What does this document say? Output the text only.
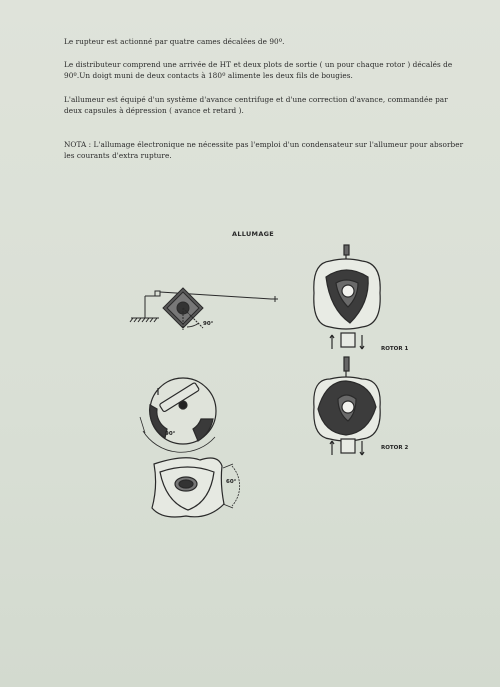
Le rupteur est actionné par quatre cames décalées de 90º.

Le distributeur comprend une arrivée de HT et deux plots de sortie ( un pour chaque rotor ) décalés de 90º.Un doigt muni de deux contacts à 180º alimente les deux fils de bougies.

L'allumeur est équipé d'un système d'avance centrifuge et d'une correction d'avance, commandée par deux capsules à dépression ( avance et retard ).

NOTA : L'allumage électronique ne nécessite pas l'emploi d'un condensateur sur l'allumeur pour absorber les courants d'extra rupture.

ALLUMAGE
90°
90°
60°
ROTOR 1
ROTOR 2
